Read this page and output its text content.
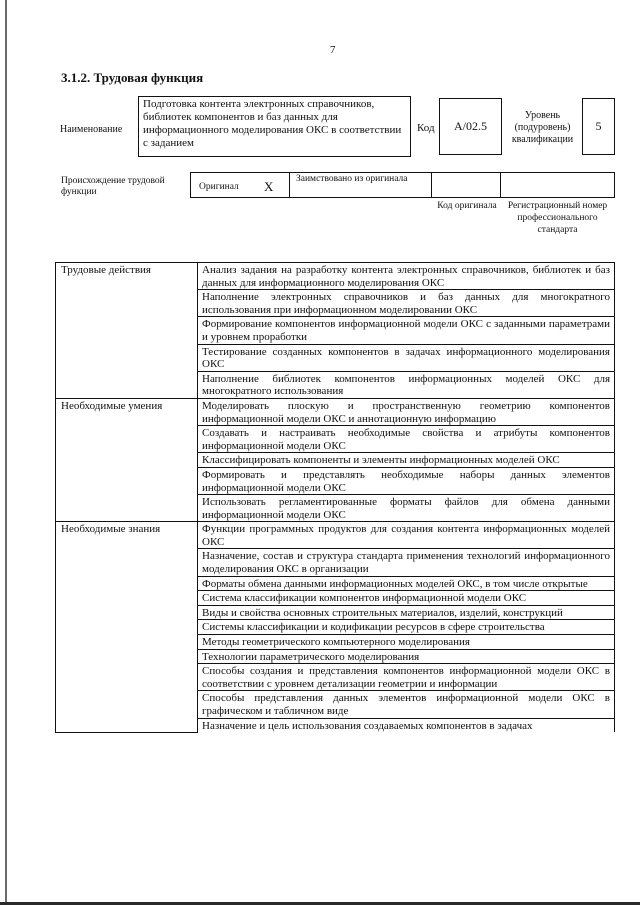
7
3.1.2. Трудовая функция
Наименование
Подготовка контента электронных справочников, библиотек компонентов и баз данных для информационного моделирования ОКС в соответствии с заданием
Код	А/02.5
Уровень (подуровень) квалификации
5
Происхождение трудовой функции	Оригинал X Заимствовано из оригинала
Код оригинала	Регистрационный номер профессионального стандарта
Трудовые действия	Анализ задания на разработку контента электронных справочников, библиотек и баз данных для информационного моделирования ОКС
	Наполнение электронных справочников и баз данных для многократного использования при информационном моделировании ОКС
	Формирование компонентов информационной модели ОКС с заданными параметрами и уровнем проработки
	Тестирование созданных компонентов в задачах информационного моделирования ОКС
	Наполнение библиотек компонентов информационных моделей ОКС для многократного использования
Необходимые умения	Моделировать плоскую и пространственную геометрию компонентов информационной модели ОКС и аннотационную информацию
	Создавать и настраивать необходимые свойства и атрибуты компонентов информационной модели ОКС
	Классифицировать компоненты и элементы информационных моделей ОКС
	Формировать и представлять необходимые наборы данных элементов информационной модели ОКС
	Использовать регламентированные форматы файлов для обмена данными информационной модели ОКС
Необходимые знания	Функции программных продуктов для создания контента информационных моделей ОКС
	Назначение, состав и структура стандарта применения технологий информационного моделирования ОКС в организации
	Форматы обмена данными информационных моделей ОКС, в том числе открытые
	Система классификации компонентов информационной модели ОКС
	Виды и свойства основных строительных материалов, изделий, конструкций
	Системы классификации и кодификации ресурсов в сфере строительства
	Методы геометрического компьютерного моделирования
	Технологии параметрического моделирования
	Способы создания и представления компонентов информационной модели ОКС в соответствии с уровнем детализации геометрии и информации
	Способы представления данных элементов информационной модели ОКС в графическом и табличном виде
	Назначение и цель использования создаваемых компонентов в задачах
